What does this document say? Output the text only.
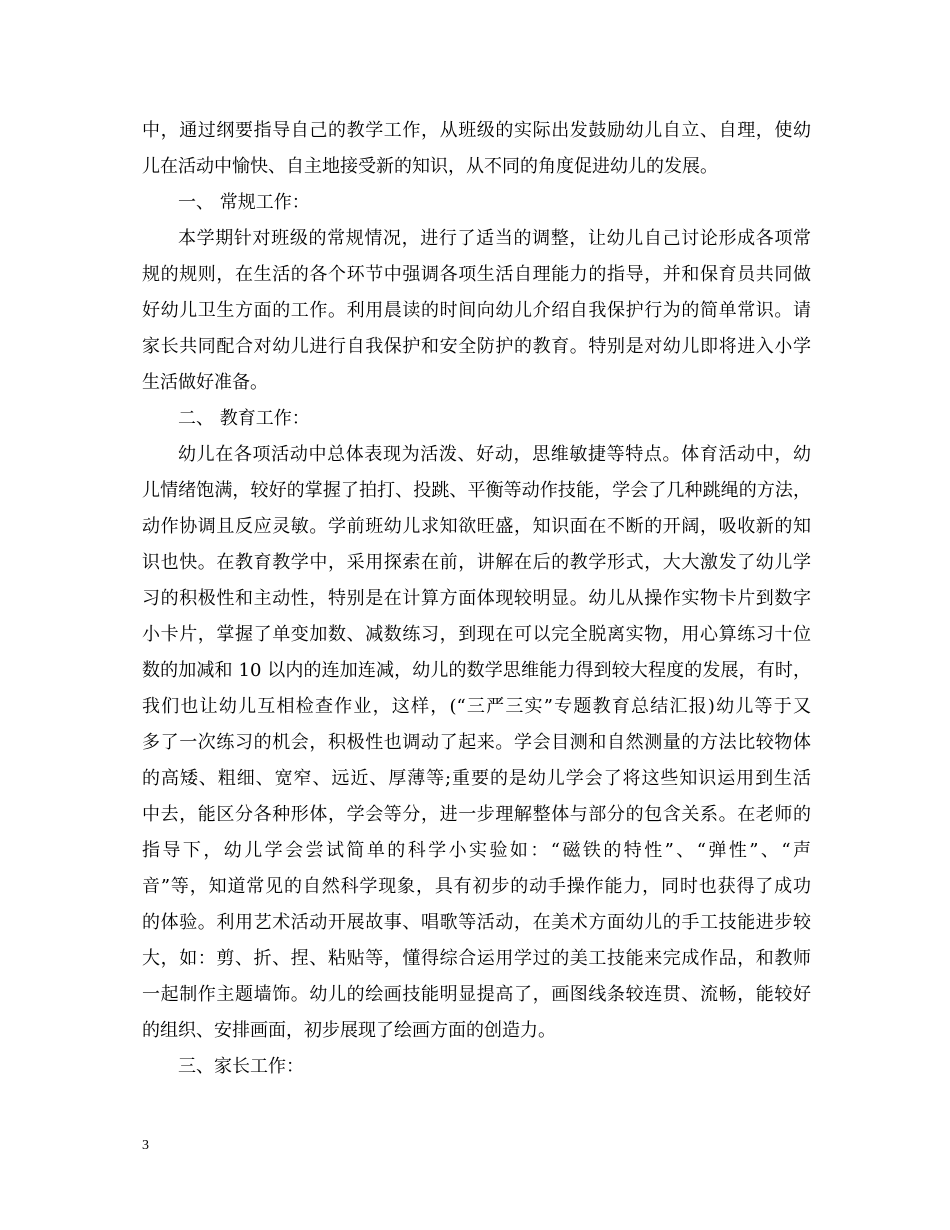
中，通过纲要指导自己的教学工作，从班级的实际出发鼓励幼儿自立、自理，使幼
儿在活动中愉快、自主地接受新的知识，从不同的角度促进幼儿的发展。
一、 常规工作：
本学期针对班级的常规情况，进行了适当的调整，让幼儿自己讨论形成各项常
规的规则，在生活的各个环节中强调各项生活自理能力的指导，并和保育员共同做
好幼儿卫生方面的工作。利用晨读的时间向幼儿介绍自我保护行为的简单常识。请
家长共同配合对幼儿进行自我保护和安全防护的教育。特别是对幼儿即将进入小学
生活做好准备。
二、 教育工作：
幼儿在各项活动中总体表现为活泼、好动，思维敏捷等特点。体育活动中，幼
儿情绪饱满，较好的掌握了拍打、投跳、平衡等动作技能，学会了几种跳绳的方法，
动作协调且反应灵敏。学前班幼儿求知欲旺盛，知识面在不断的开阔，吸收新的知
识也快。在教育教学中，采用探索在前，讲解在后的教学形式，大大激发了幼儿学
习的积极性和主动性，特别是在计算方面体现较明显。幼儿从操作实物卡片到数字
小卡片，掌握了单变加数、减数练习，到现在可以完全脱离实物，用心算练习十位
数的加减和 10 以内的连加连减，幼儿的数学思维能力得到较大程度的发展，有时，
我们也让幼儿互相检查作业，这样，(“三严三实”专题教育总结汇报)幼儿等于又
多了一次练习的机会，积极性也调动了起来。学会目测和自然测量的方法比较物体
的高矮、粗细、宽窄、远近、厚薄等;重要的是幼儿学会了将这些知识运用到生活
中去，能区分各种形体，学会等分，进一步理解整体与部分的包含关系。在老师的
指导下，幼儿学会尝试简单的科学小实验如：“磁铁的特性”、“弹性”、“声
音”等，知道常见的自然科学现象，具有初步的动手操作能力，同时也获得了成功
的体验。利用艺术活动开展故事、唱歌等活动，在美术方面幼儿的手工技能进步较
大，如：剪、折、捏、粘贴等，懂得综合运用学过的美工技能来完成作品，和教师
一起制作主题墙饰。幼儿的绘画技能明显提高了，画图线条较连贯、流畅，能较好
的组织、安排画面，初步展现了绘画方面的创造力。
三、家长工作：
3
